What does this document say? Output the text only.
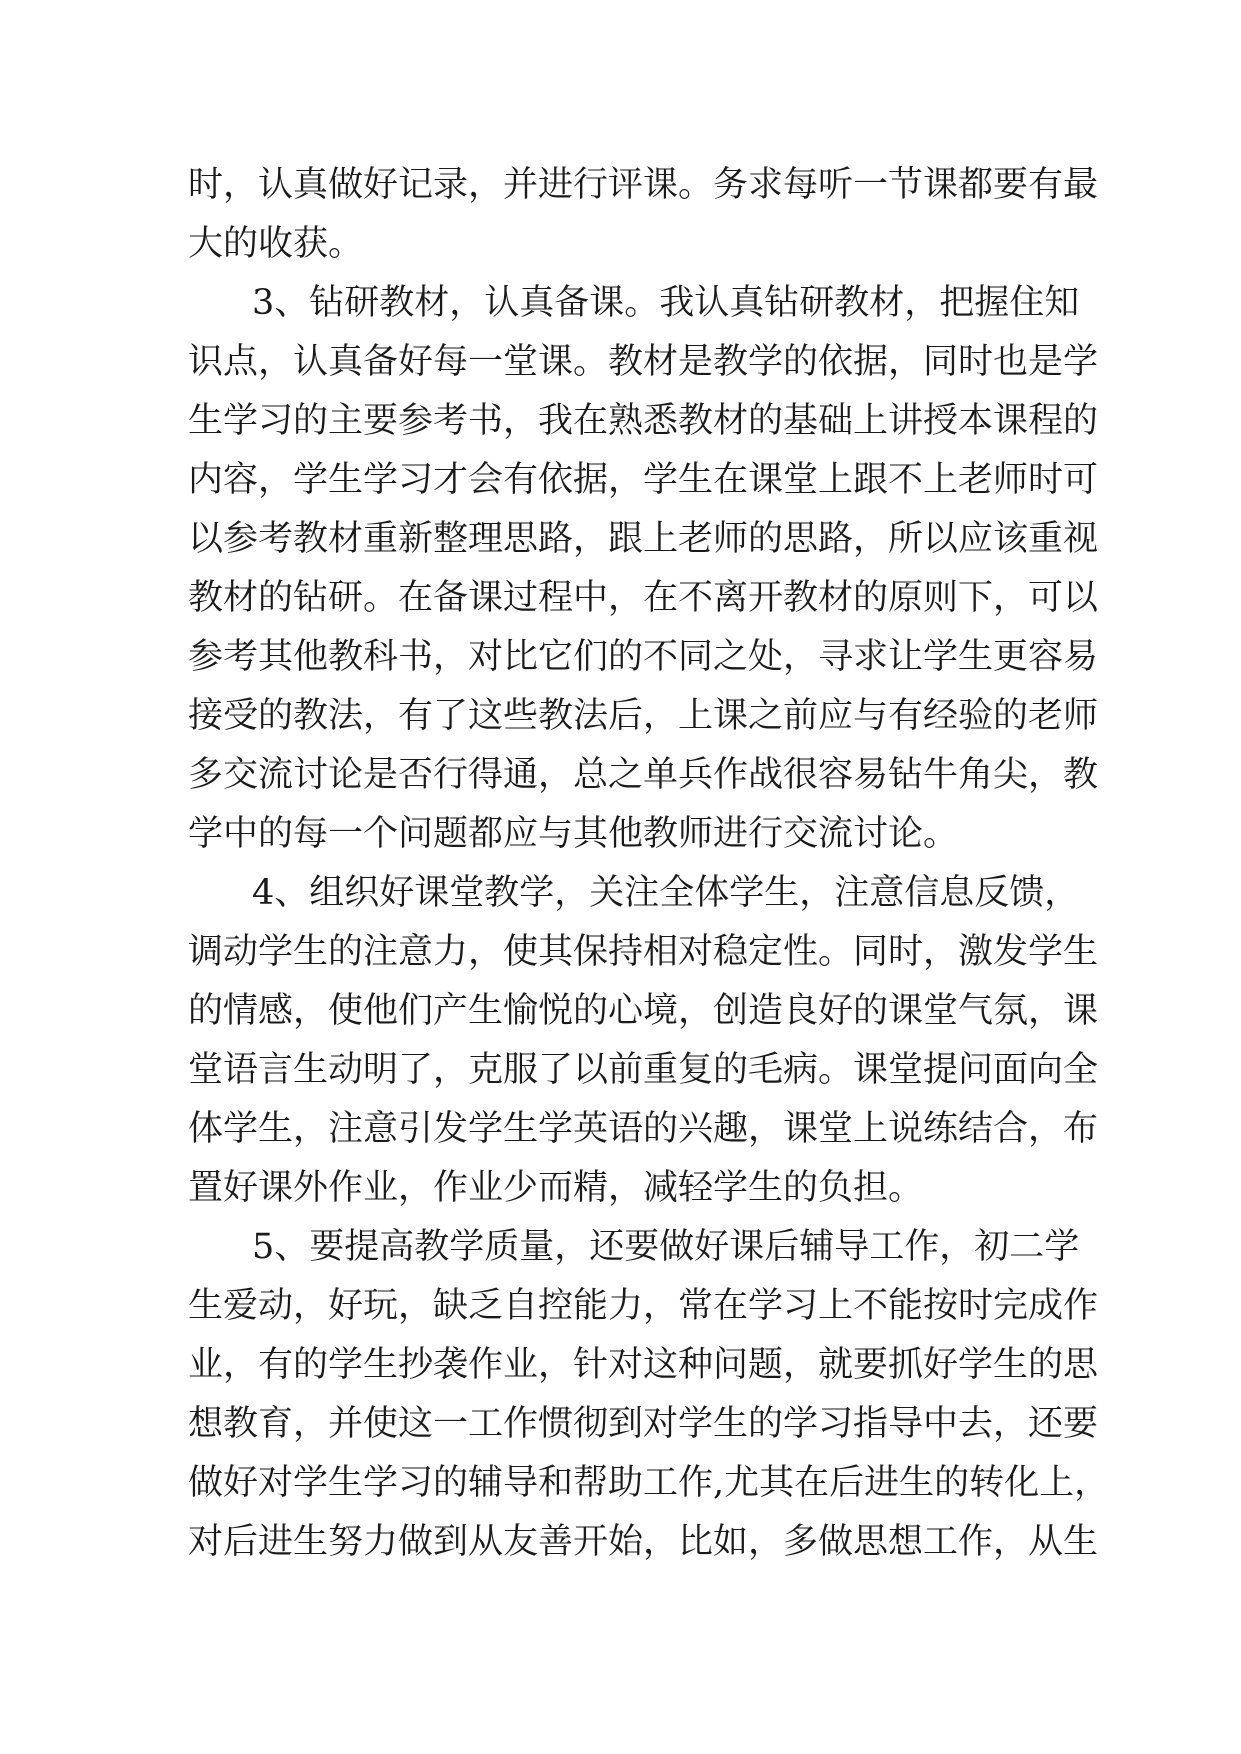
时，认真做好记录，并进行评课。务求每听一节课都要有最
大的收获。
3、钻研教材，认真备课。我认真钻研教材，把握住知
识点，认真备好每一堂课。教材是教学的依据，同时也是学
生学习的主要参考书，我在熟悉教材的基础上讲授本课程的
内容，学生学习才会有依据，学生在课堂上跟不上老师时可
以参考教材重新整理思路，跟上老师的思路，所以应该重视
教材的钻研。在备课过程中，在不离开教材的原则下，可以
参考其他教科书，对比它们的不同之处，寻求让学生更容易
接受的教法，有了这些教法后，上课之前应与有经验的老师
多交流讨论是否行得通，总之单兵作战很容易钻牛角尖，教
学中的每一个问题都应与其他教师进行交流讨论。
4、组织好课堂教学，关注全体学生，注意信息反馈，
调动学生的注意力，使其保持相对稳定性。同时，激发学生
的情感，使他们产生愉悦的心境，创造良好的课堂气氛，课
堂语言生动明了，克服了以前重复的毛病。课堂提问面向全
体学生，注意引发学生学英语的兴趣，课堂上说练结合，布
置好课外作业，作业少而精，减轻学生的负担。
5、要提高教学质量，还要做好课后辅导工作，初二学
生爱动，好玩，缺乏自控能力，常在学习上不能按时完成作
业，有的学生抄袭作业，针对这种问题，就要抓好学生的思
想教育，并使这一工作惯彻到对学生的学习指导中去，还要
做好对学生学习的辅导和帮助工作,尤其在后进生的转化上，
对后进生努力做到从友善开始，比如，多做思想工作，从生
